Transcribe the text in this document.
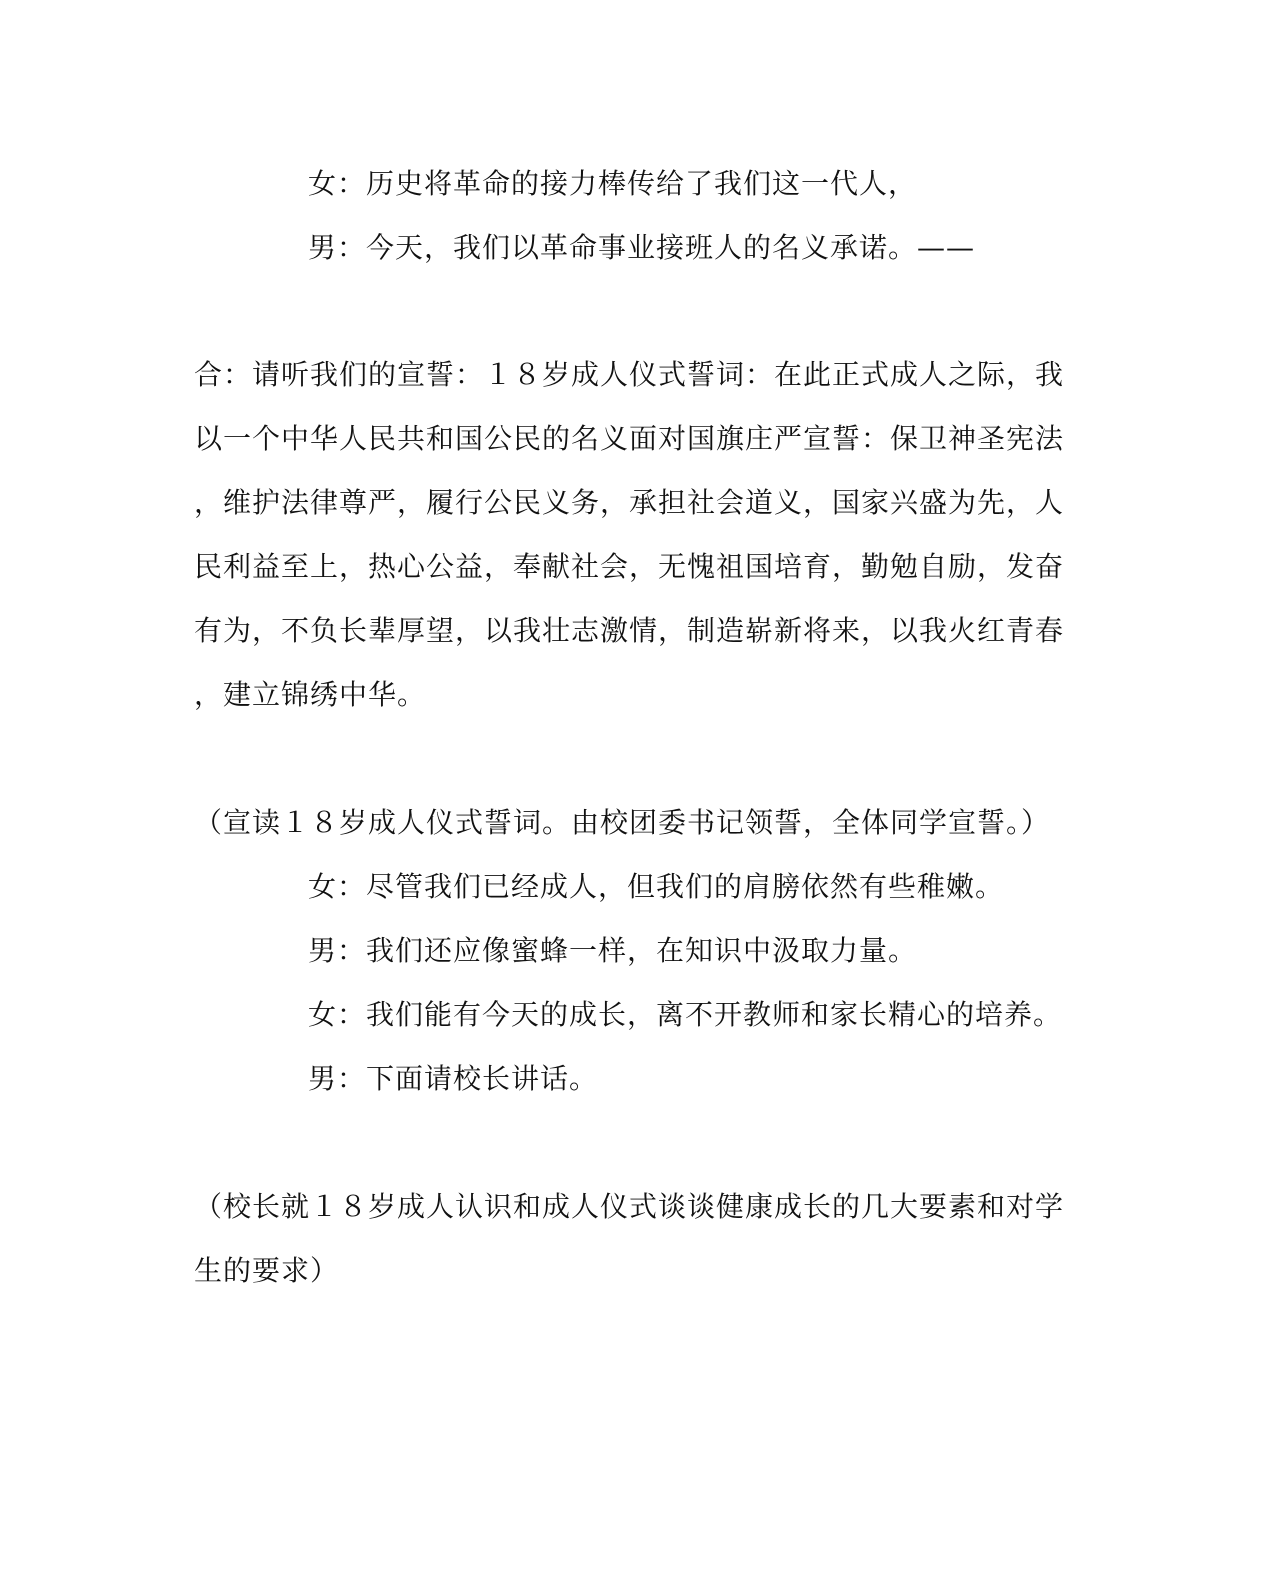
女：历史将革命的接力棒传给了我们这一代人，
男：今天，我们以革命事业接班人的名义承诺。——
合：请听我们的宣誓：１８岁成人仪式誓词：在此正式成人之际，我
以一个中华人民共和国公民的名义面对国旗庄严宣誓：保卫神圣宪法
，维护法律尊严，履行公民义务，承担社会道义，国家兴盛为先，人
民利益至上，热心公益，奉献社会，无愧祖国培育，勤勉自励，发奋
有为，不负长辈厚望，以我壮志激情，制造崭新将来，以我火红青春
，建立锦绣中华。
（宣读１８岁成人仪式誓词。由校团委书记领誓，全体同学宣誓。）
女：尽管我们已经成人，但我们的肩膀依然有些稚嫩。
男：我们还应像蜜蜂一样，在知识中汲取力量。
女：我们能有今天的成长，离不开教师和家长精心的培养。
男：下面请校长讲话。
（校长就１８岁成人认识和成人仪式谈谈健康成长的几大要素和对学
生的要求）
